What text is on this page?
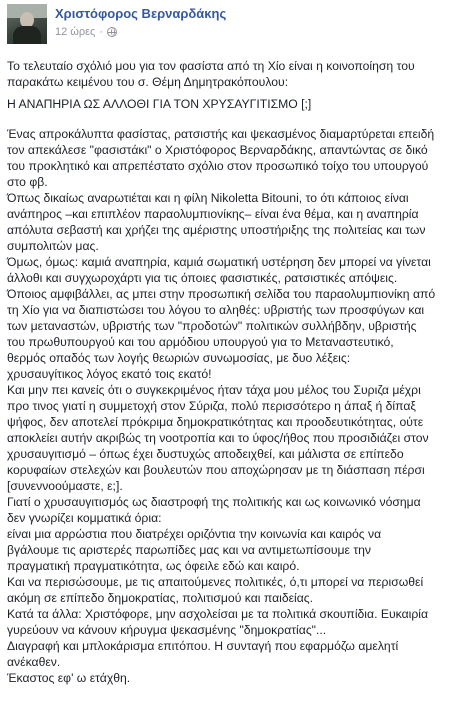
Χριστόφορος Βερναρδάκης
12 ώρες ·

Το τελευταίο σχόλιό μου για τον φασίστα από τη Χίο είναι η κοινοποίηση του
παρακάτω κειμένου του σ. Θέμη Δημητρακόπουλου:

Η ΑΝΑΠΗΡΙΑ ΩΣ ΑΛΛΟΘΙ ΓΙΑ ΤΟΝ ΧΡΥΣΑΥΓΙΤΙΣΜΟ [;]

Ένας απροκάλυπτα φασίστας, ρατσιστής και ψεκασμένος διαμαρτύρεται επειδή
τον απεκάλεσε "φασιστάκι" ο Χριστόφορος Βερναρδάκης, απαντώντας σε δικό
του προκλητικό και απρεπέστατο σχόλιο στον προσωπικό τοίχο του υπουργού
στο φβ.
Όπως δικαίως αναρωτιέται και η φίλη Nikoletta Bitouni, το ότι κάποιος είναι
ανάπηρος –και επιπλέον παραολυμπιονίκης– είναι ένα θέμα, και η αναπηρία
απόλυτα σεβαστή και χρήζει της αμέριστης υποστήριξης της πολιτείας και των
συμπολιτών μας.
Όμως, όμως: καμιά αναπηρία, καμιά σωματική υστέρηση δεν μπορεί να γίνεται
άλλοθι και συγχωροχάρτι για τις όποιες φασιστικές, ρατσιστικές απόψεις.
Όποιος αμφιβάλλει, ας μπει στην προσωπική σελίδα του παραολυμπιονίκη από
τη Χίο για να διαπιστώσει του λόγου το αληθές: υβριστής των προσφύγων και
των μεταναστών, υβριστής των "προδοτών" πολιτικών συλλήβδην, υβριστής
του πρωθυπουργού και του αρμόδιου υπουργού για το Μεταναστευτικό,
θερμός οπαδός των λογής θεωριών συνωμοσίας, με δυο λέξεις:
χρυσαυγίτικος λόγος εκατό τοις εκατό!
Και μην πει κανείς ότι ο συγκεκριμένος ήταν τάχα μου μέλος του Συριζα μέχρι
προ τινος γιατί η συμμετοχή στον Σύριζα, πολύ περισσότερο η άπαξ ή δίπαξ
ψήφος, δεν αποτελεί πρόκριμα δημοκρατικότητας και προοδευτικότητας, ούτε
αποκλείει αυτήν ακριβώς τη νοοτροπία και το ύφος/ήθος που προσιδιάζει στον
χρυσαυγιτισμό – όπως έχει δυστυχώς αποδειχθεί, και μάλιστα σε επίπεδο
κορυφαίων στελεχών και βουλευτών που αποχώρησαν με τη διάσπαση πέρσι
[συνεννοούμαστε, ε;].
Γιατί ο χρυσαυγιτισμός ως διαστροφή της πολιτικής και ως κοινωνικό νόσημα
δεν γνωρίζει κομματικά όρια:
είναι μια αρρώστια που διατρέχει οριζόντια την κοινωνία και καιρός να
βγάλουμε τις αριστερές παρωπίδες μας και να αντιμετωπίσουμε την
πραγματική πραγματικότητα, ως όφειλε εδώ και καιρό.
Και να περισώσουμε, με τις απαιτούμενες πολιτικές, ό,τι μπορεί να περισωθεί
ακόμη σε επίπεδο δημοκρατίας, πολιτισμού και παιδείας.
Κατά τα άλλα: Χριστόφορε, μην ασχολείσαι με τα πολιτικά σκουπίδια. Ευκαιρία
γυρεύουν να κάνουν κήρυγμα ψεκασμένης "δημοκρατίας"...
Διαγραφή και μπλοκάρισμα επιτόπου. Η συνταγή που εφαρμόζω αμελητί
ανέκαθεν.
Έκαστος εφ' ω ετάχθη.
